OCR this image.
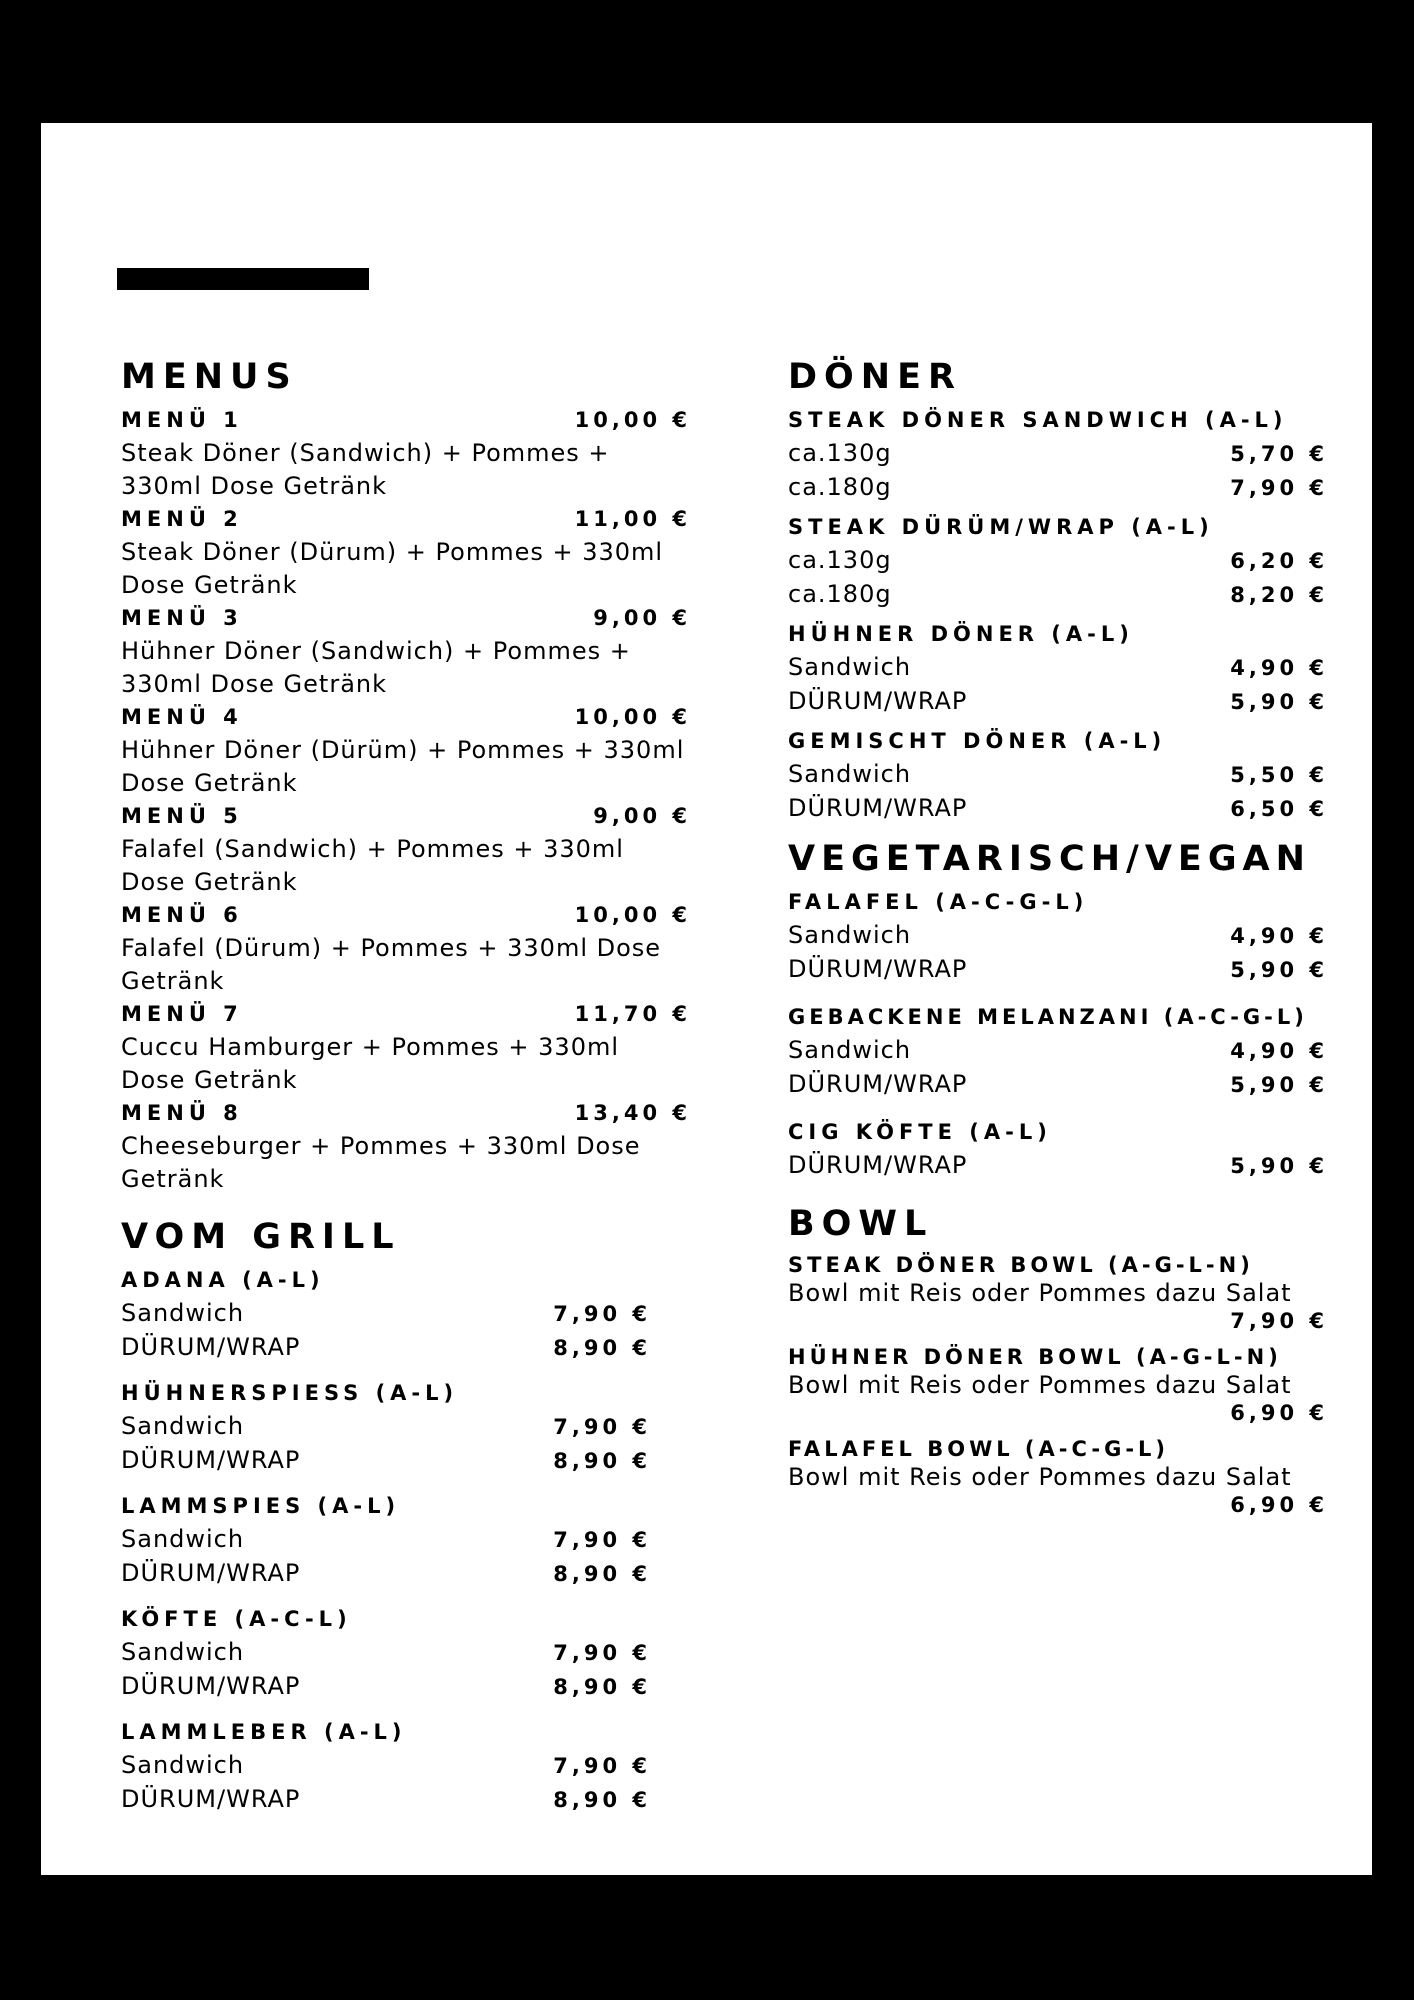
MENUS
MENÜ 1	10,00 €
Steak Döner (Sandwich) + Pommes + 330ml Dose Getränk
MENÜ 2	11,00 €
Steak Döner (Dürum) + Pommes + 330ml Dose Getränk
MENÜ 3	9,00 €
Hühner Döner (Sandwich) + Pommes + 330ml Dose Getränk
MENÜ 4	10,00 €
Hühner Döner (Dürüm) + Pommes + 330ml Dose Getränk
MENÜ 5	9,00 €
Falafel (Sandwich) + Pommes + 330ml Dose Getränk
MENÜ 6	10,00 €
Falafel (Dürum) + Pommes + 330ml Dose Getränk
MENÜ 7	11,70 €
Cuccu Hamburger + Pommes + 330ml Dose Getränk
MENÜ 8	13,40 €
Cheeseburger + Pommes + 330ml Dose Getränk
VOM GRILL
ADANA (A-L)
Sandwich	7,90 €
DÜRUM/WRAP	8,90 €
HÜHNERSPIESS (A-L)
Sandwich	7,90 €
DÜRUM/WRAP	8,90 €
LAMMSPIES (A-L)
Sandwich	7,90 €
DÜRUM/WRAP	8,90 €
KÖFTE (A-C-L)
Sandwich	7,90 €
DÜRUM/WRAP	8,90 €
LAMMLEBER (A-L)
Sandwich	7,90 €
DÜRUM/WRAP	8,90 €
DÖNER
STEAK DÖNER SANDWICH (A-L)
ca.130g	5,70 €
ca.180g	7,90 €
STEAK DÜRÜM/WRAP (A-L)
ca.130g	6,20 €
ca.180g	8,20 €
HÜHNER DÖNER (A-L)
Sandwich	4,90 €
DÜRUM/WRAP	5,90 €
GEMISCHT DÖNER (A-L)
Sandwich	5,50 €
DÜRUM/WRAP	6,50 €
VEGETARISCH/VEGAN
FALAFEL (A-C-G-L)
Sandwich	4,90 €
DÜRUM/WRAP	5,90 €
GEBACKENE MELANZANI (A-C-G-L)
Sandwich	4,90 €
DÜRUM/WRAP	5,90 €
CIG KÖFTE (A-L)
DÜRUM/WRAP	5,90 €
BOWL
STEAK DÖNER BOWL (A-G-L-N)
Bowl mit Reis oder Pommes dazu Salat
7,90 €
HÜHNER DÖNER BOWL (A-G-L-N)
Bowl mit Reis oder Pommes dazu Salat
6,90 €
FALAFEL BOWL (A-C-G-L)
Bowl mit Reis oder Pommes dazu Salat
6,90 €
